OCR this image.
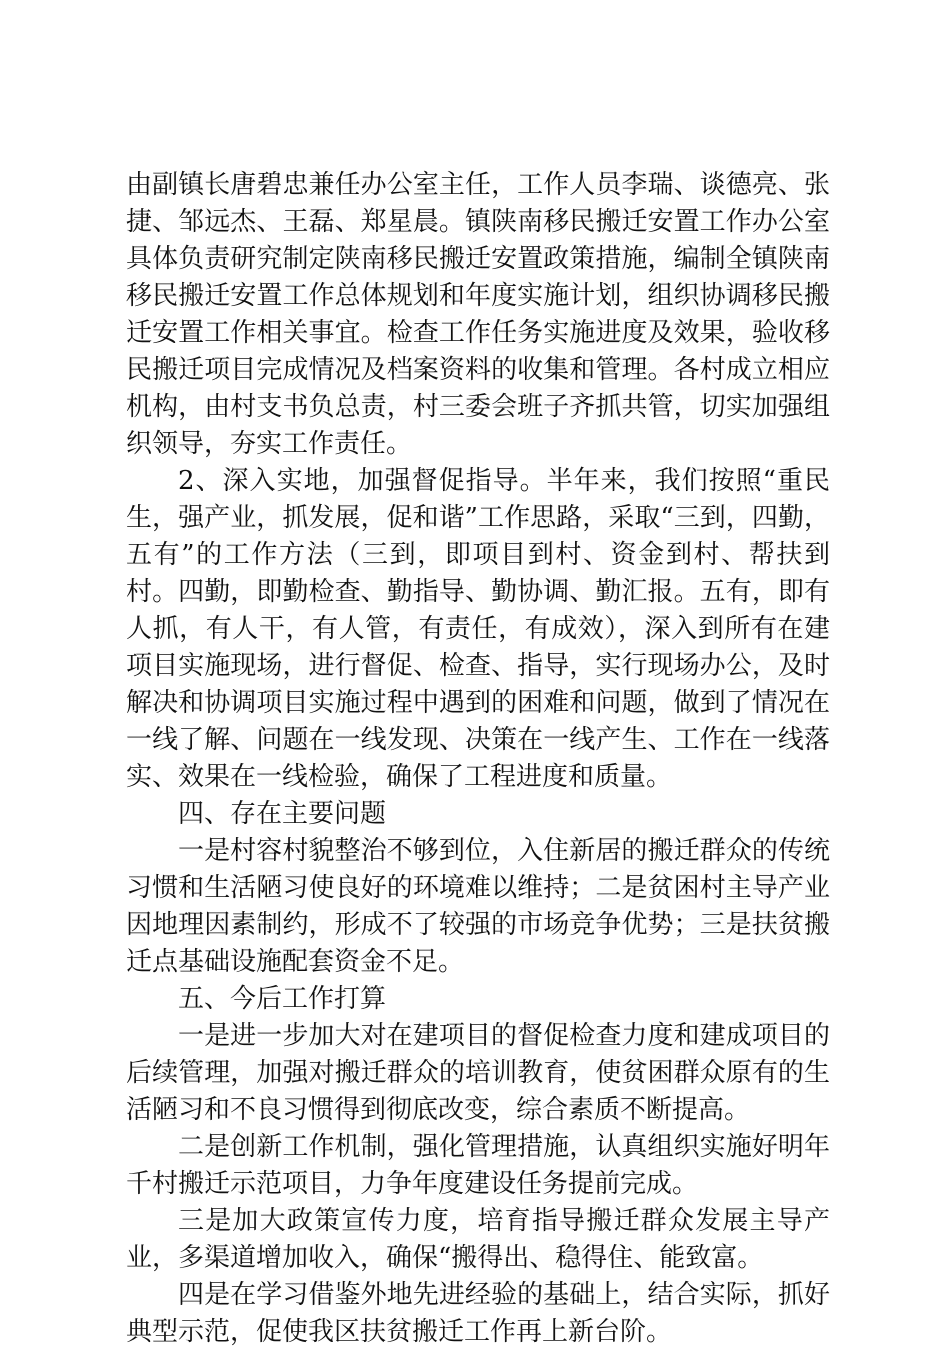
由副镇长唐碧忠兼任办公室主任，工作人员李瑞、谈德亮、张捷、邹远杰、王磊、郑星晨。镇陕南移民搬迁安置工作办公室具体负责研究制定陕南移民搬迁安置政策措施，编制全镇陕南移民搬迁安置工作总体规划和年度实施计划，组织协调移民搬迁安置工作相关事宜。检查工作任务实施进度及效果，验收移民搬迁项目完成情况及档案资料的收集和管理。各村成立相应机构，由村支书负总责，村三委会班子齐抓共管，切实加强组织领导，夯实工作责任。

2、深入实地，加强督促指导。半年来，我们按照“重民生，强产业，抓发展，促和谐”工作思路，采取“三到，四勤，五有”的工作方法（三到，即项目到村、资金到村、帮扶到村。四勤，即勤检查、勤指导、勤协调、勤汇报。五有，即有人抓，有人干，有人管，有责任，有成效），深入到所有在建项目实施现场，进行督促、检查、指导，实行现场办公，及时解决和协调项目实施过程中遇到的困难和问题，做到了情况在一线了解、问题在一线发现、决策在一线产生、工作在一线落实、效果在一线检验，确保了工程进度和质量。

四、存在主要问题

一是村容村貌整治不够到位，入住新居的搬迁群众的传统习惯和生活陋习使良好的环境难以维持；二是贫困村主导产业因地理因素制约，形成不了较强的市场竞争优势；三是扶贫搬迁点基础设施配套资金不足。

五、今后工作打算

一是进一步加大对在建项目的督促检查力度和建成项目的后续管理，加强对搬迁群众的培训教育，使贫困群众原有的生活陋习和不良习惯得到彻底改变，综合素质不断提高。

二是创新工作机制，强化管理措施，认真组织实施好明年千村搬迁示范项目，力争年度建设任务提前完成。

三是加大政策宣传力度，培育指导搬迁群众发展主导产业，多渠道增加收入，确保“搬得出、稳得住、能致富。

四是在学习借鉴外地先进经验的基础上，结合实际，抓好典型示范，促使我区扶贫搬迁工作再上新台阶。
